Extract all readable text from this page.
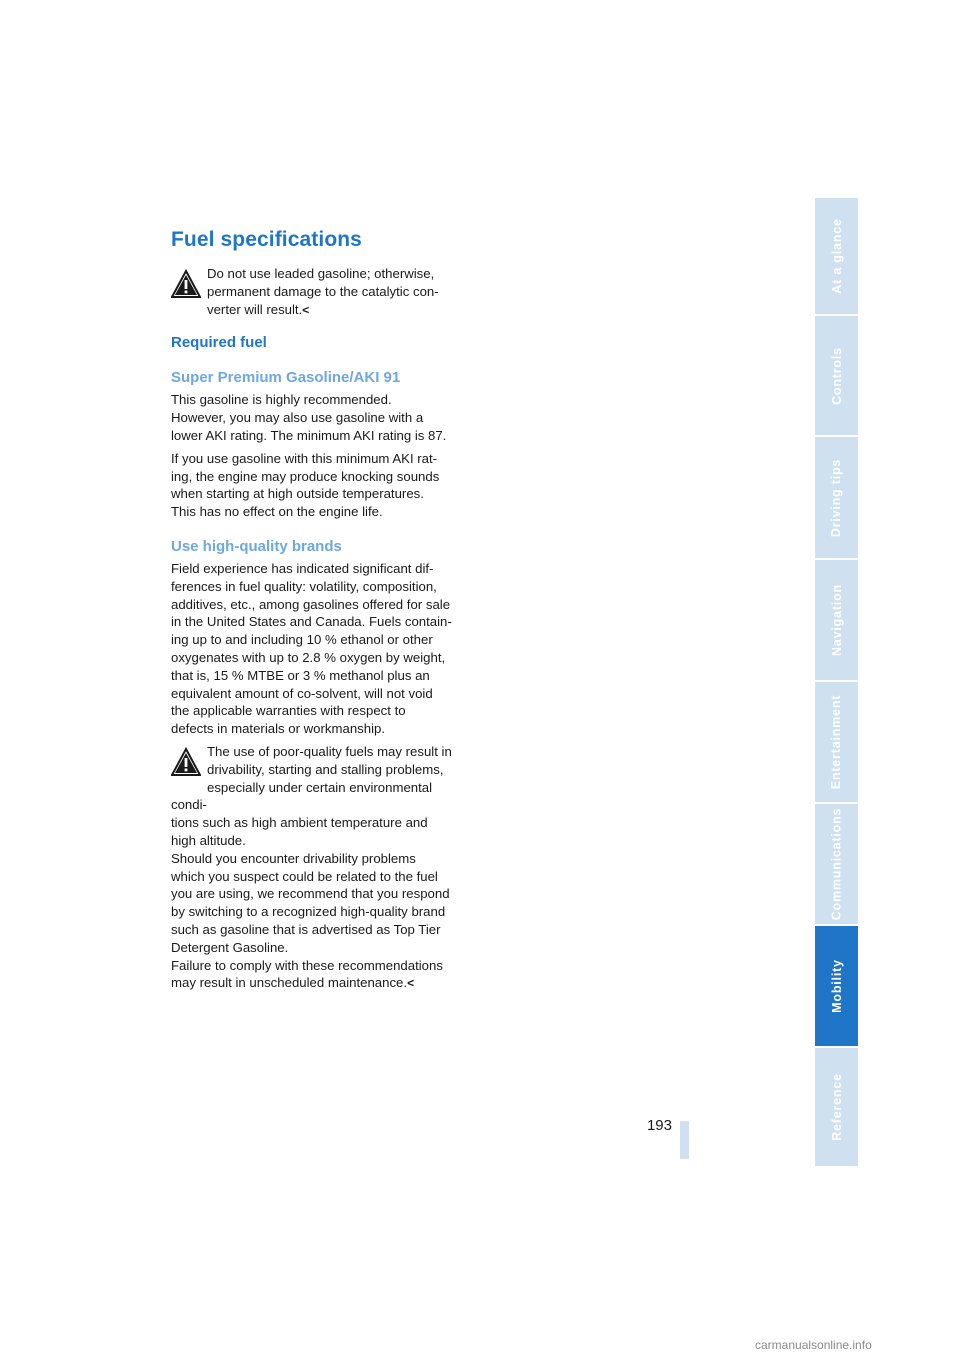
Fuel specifications

Do not use leaded gasoline; otherwise,
permanent damage to the catalytic con-
verter will result.<

Required fuel
Super Premium Gasoline/AKI 91

This gasoline is highly recommended.
However, you may also use gasoline with a
lower AKI rating. The minimum AKI rating is 87.

If you use gasoline with this minimum AKI rat-
ing, the engine may produce knocking sounds
when starting at high outside temperatures.
This has no effect on the engine life.

Use high-quality brands

Field experience has indicated significant dif-
ferences in fuel quality: volatility, composition,
additives, etc., among gasolines offered for sale
in the United States and Canada. Fuels contain-
ing up to and including 10 % ethanol or other
oxygenates with up to 2.8 % oxygen by weight,
that is, 15 % MTBE or 3 % methanol plus an
equivalent amount of co-solvent, will not void
the applicable warranties with respect to
defects in materials or workmanship.

The use of poor-quality fuels may result in
drivability, starting and stalling problems,
especially under certain environmental condi-
tions such as high ambient temperature and
high altitude.
Should you encounter drivability problems
which you suspect could be related to the fuel
you are using, we recommend that you respond
by switching to a recognized high-quality brand
such as gasoline that is advertised as Top Tier
Detergent Gasoline.
Failure to comply with these recommendations
may result in unscheduled maintenance.<

At a glance
Controls
Driving tips
Navigation
Entertainment
Communications
Mobility
Reference
193
carmanualsonline.info
